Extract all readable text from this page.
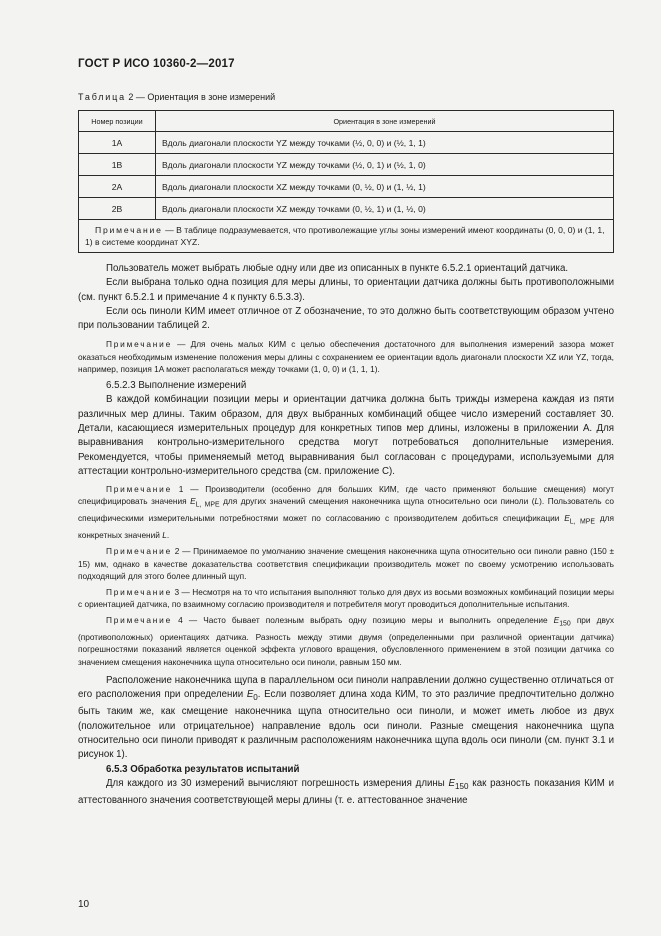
ГОСТ Р ИСО 10360-2—2017
Таблица 2 — Ориентация в зоне измерений
Номер позиции	Ориентация в зоне измерений
1A	Вдоль диагонали плоскости YZ между точками (½, 0, 0) и (½, 1, 1)
1B	Вдоль диагонали плоскости YZ между точками (½, 0, 1) и (½, 1, 0)
2A	Вдоль диагонали плоскости XZ между точками (0, ½, 0) и (1, ½, 1)
2B	Вдоль диагонали плоскости XZ между точками (0, ½, 1) и (1, ½, 0)
Примечание — В таблице подразумевается, что противолежащие углы зоны измерений имеют координаты (0, 0, 0) и (1, 1, 1) в системе координат XYZ.	

Пользователь может выбрать любые одну или две из описанных в пункте 6.5.2.1 ориентаций датчика.

Если выбрана только одна позиция для меры длины, то ориентации датчика должны быть противоположными (см. пункт 6.5.2.1 и примечание 4 к пункту 6.5.3.3).

Если ось пиноли КИМ имеет отличное от Z обозначение, то это должно быть соответствующим образом учтено при пользовании таблицей 2.

Примечание — Для очень малых КИМ с целью обеспечения достаточного для выполнения измерений зазора может оказаться необходимым изменение положения меры длины с сохранением ее ориентации вдоль диагонали плоскости XZ или YZ, тогда, например, позиция 1A может располагаться между точками (1, 0, 0) и (1, 1, 1).

6.5.2.3 Выполнение измерений

В каждой комбинации позиции меры и ориентации датчика должна быть трижды измерена каждая из пяти различных мер длины. Таким образом, для двух выбранных комбинаций общее число измерений составляет 30. Детали, касающиеся измерительных процедур для конкретных типов мер длины, изложены в приложении A. Для выравнивания контрольно-измерительного средства могут потребоваться дополнительные измерения. Рекомендуется, чтобы применяемый метод выравнивания был согласован с процедурами, используемыми для аттестации контрольно-измерительного средства (см. приложение C).

Примечание 1 — Производители (особенно для больших КИМ, где часто применяют большие смещения) могут специфицировать значения $E_{L, MPE}$ для других значений смещения наконечника щупа относительно оси пиноли (L). Пользователь со специфическими измерительными потребностями может по согласованию с производителем добиться спецификации $E_{L, MPE}$ для конкретных значений L.

Примечание 2 — Принимаемое по умолчанию значение смещения наконечника щупа относительно оси пиноли равно (150 ± 15) мм, однако в качестве доказательства соответствия спецификации производитель может по своему усмотрению использовать подходящий для этого более длинный щуп.

Примечание 3 — Несмотря на то что испытания выполняют только для двух из восьми возможных комбинаций позиции меры с ориентацией датчика, по взаимному согласию производителя и потребителя могут проводиться дополнительные испытания.

Примечание 4 — Часто бывает полезным выбрать одну позицию меры и выполнить определение $E_{150}$ при двух (противоположных) ориентациях датчика. Разность между этими двумя (определенными при различной ориентации датчика) погрешностями показаний является оценкой эффекта углового вращения, обусловленного применением в этой позиции датчика со значением смещения наконечника щупа относительно оси пиноли, равным 150 мм.

Расположение наконечника щупа в параллельном оси пиноли направлении должно существенно отличаться от его расположения при определении $E_0$. Если позволяет длина хода КИМ, то это различие предпочтительно должно быть таким же, как смещение наконечника щупа относительно оси пиноли, и может иметь любое из двух (положительное или отрицательное) направление вдоль оси пиноли. Разные смещения наконечника щупа относительно оси пиноли приводят к различным расположениям наконечника щупа вдоль оси пиноли (см. пункт 3.1 и рисунок 1).

6.5.3 Обработка результатов испытаний

Для каждого из 30 измерений вычисляют погрешность измерения длины $E_{150}$ как разность показания КИМ и аттестованного значения соответствующей меры длины (т. е. аттестованное значение

10
